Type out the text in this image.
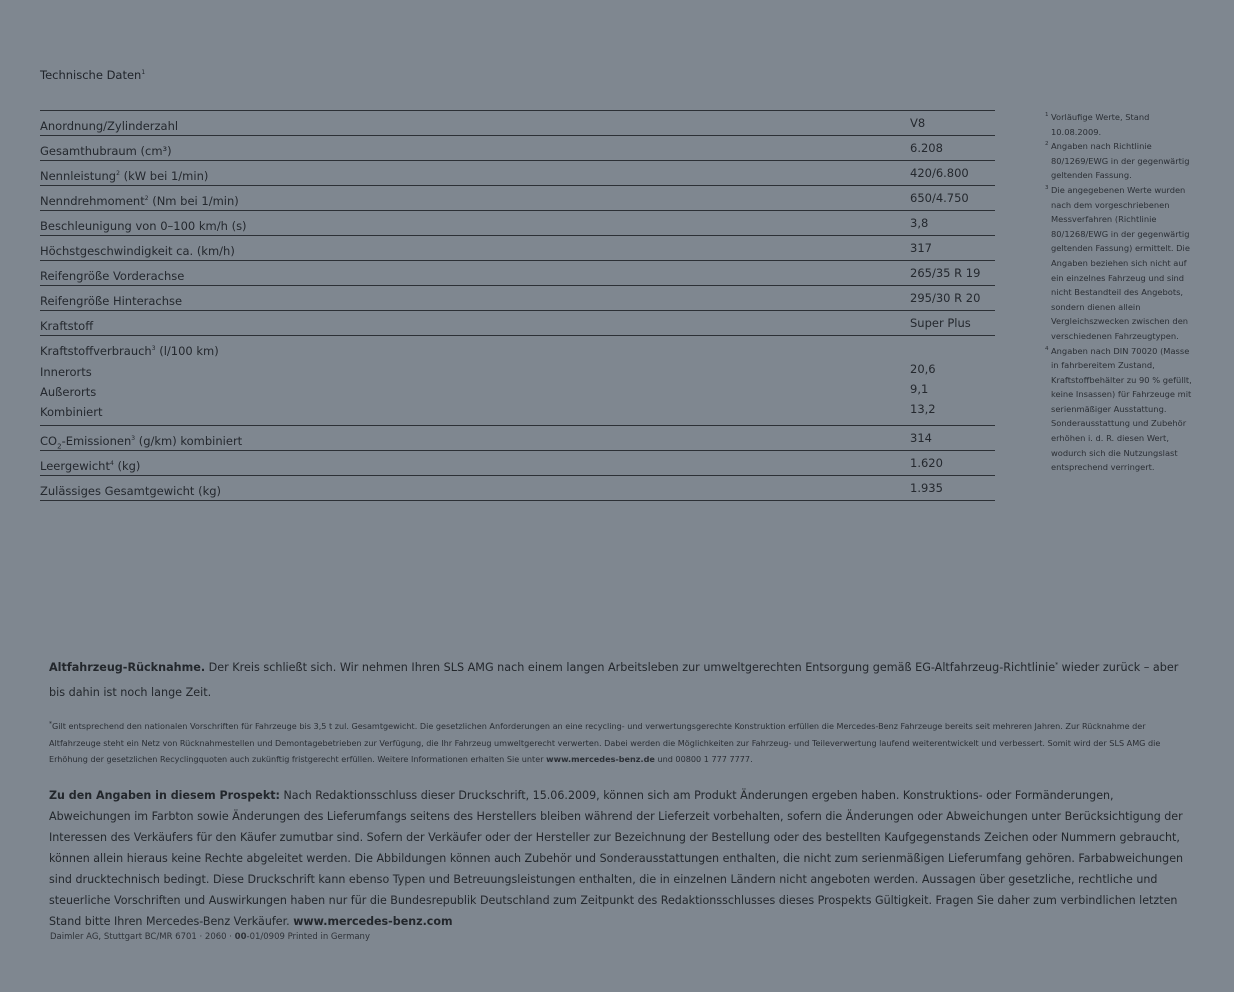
Technische Daten$^1$
Anordnung/Zylinderzahl	V8
Gesamthubraum (cm³)	6.208
Nennleistung$^2$ (kW bei 1/min)	420/6.800
Nenndrehmoment$^2$ (Nm bei 1/min)	650/4.750
Beschleunigung von 0–100 km/h (s)	3,8
Höchstgeschwindigkeit ca. (km/h)	317
Reifengröße Vorderachse	265/35 R 19
Reifengröße Hinterachse	295/30 R 20
Kraftstoff	Super Plus
Kraftstoffverbrauch$^3$ (l/100 km)
Innerorts	20,6
Außerorts	9,1
Kombiniert	13,2
$CO_2-Emissionen^3$ (g/km) kombiniert	314
Leergewicht$^4$ (kg)	1.620
Zulässiges Gesamtgewicht (kg)	1.935
1 Vorläufige Werte, Stand 10.08.2009.
2 Angaben nach Richtlinie 80/1269/EWG in der gegenwärtig geltenden Fassung.
3 Die angegebenen Werte wurden nach dem vorgeschriebenen Messverfahren (Richtlinie 80/1268/EWG in der gegenwärtig geltenden Fassung) ermittelt. Die Angaben beziehen sich nicht auf ein einzelnes Fahrzeug und sind nicht Bestandteil des Angebots, sondern dienen allein Vergleichszwecken zwischen den verschiedenen Fahrzeugtypen.
4 Angaben nach DIN 70020 (Masse in fahrbereitem Zustand, Kraftstoffbehälter zu 90 % gefüllt, keine Insassen) für Fahrzeuge mit serienmäßiger Ausstattung. Sonderausstattung und Zubehör erhöhen i. d. R. diesen Wert, wodurch sich die Nutzungslast entsprechend verringert.
Altfahrzeug-Rücknahme. Der Kreis schließt sich. Wir nehmen Ihren SLS AMG nach einem langen Arbeitsleben zur umweltgerechten Entsorgung gemäß EG-Altfahrzeug-Richtlinie* wieder zurück – aber bis dahin ist noch lange Zeit.
*Gilt entsprechend den nationalen Vorschriften für Fahrzeuge bis 3,5 t zul. Gesamtgewicht. Die gesetzlichen Anforderungen an eine recycling- und verwertungsgerechte Konstruktion erfüllen die Mercedes-Benz Fahrzeuge bereits seit mehreren Jahren. Zur Rücknahme der Altfahrzeuge steht ein Netz von Rücknahmestellen und Demontagebetrieben zur Verfügung, die Ihr Fahrzeug umweltgerecht verwerten. Dabei werden die Möglichkeiten zur Fahrzeug- und Teileverwertung laufend weiterentwickelt und verbessert. Somit wird der SLS AMG die Erhöhung der gesetzlichen Recyclingquoten auch zukünftig fristgerecht erfüllen. Weitere Informationen erhalten Sie unter www.mercedes-benz.de und 00800 1 777 7777.
Zu den Angaben in diesem Prospekt: Nach Redaktionsschluss dieser Druckschrift, 15.06.2009, können sich am Produkt Änderungen ergeben haben. Konstruktions- oder Formänderungen, Abweichungen im Farbton sowie Änderungen des Lieferumfangs seitens des Herstellers bleiben während der Lieferzeit vorbehalten, sofern die Änderungen oder Abweichungen unter Berücksichtigung der Interessen des Verkäufers für den Käufer zumutbar sind. Sofern der Verkäufer oder der Hersteller zur Bezeichnung der Bestellung oder des bestellten Kaufgegenstands Zeichen oder Nummern gebraucht, können allein hieraus keine Rechte abgeleitet werden. Die Abbildungen können auch Zubehör und Sonderausstattungen enthalten, die nicht zum serienmäßigen Lieferumfang gehören. Farbabweichungen sind drucktechnisch bedingt. Diese Druckschrift kann ebenso Typen und Betreuungsleistungen enthalten, die in einzelnen Ländern nicht angeboten werden. Aussagen über gesetzliche, rechtliche und steuerliche Vorschriften und Auswirkungen haben nur für die Bundesrepublik Deutschland zum Zeitpunkt des Redaktionsschlusses dieses Prospekts Gültigkeit. Fragen Sie daher zum verbindlichen letzten Stand bitte Ihren Mercedes-Benz Verkäufer. www.mercedes-benz.com
Daimler AG, Stuttgart BC/MR 6701 · 2060 · 00-01/0909 Printed in Germany
